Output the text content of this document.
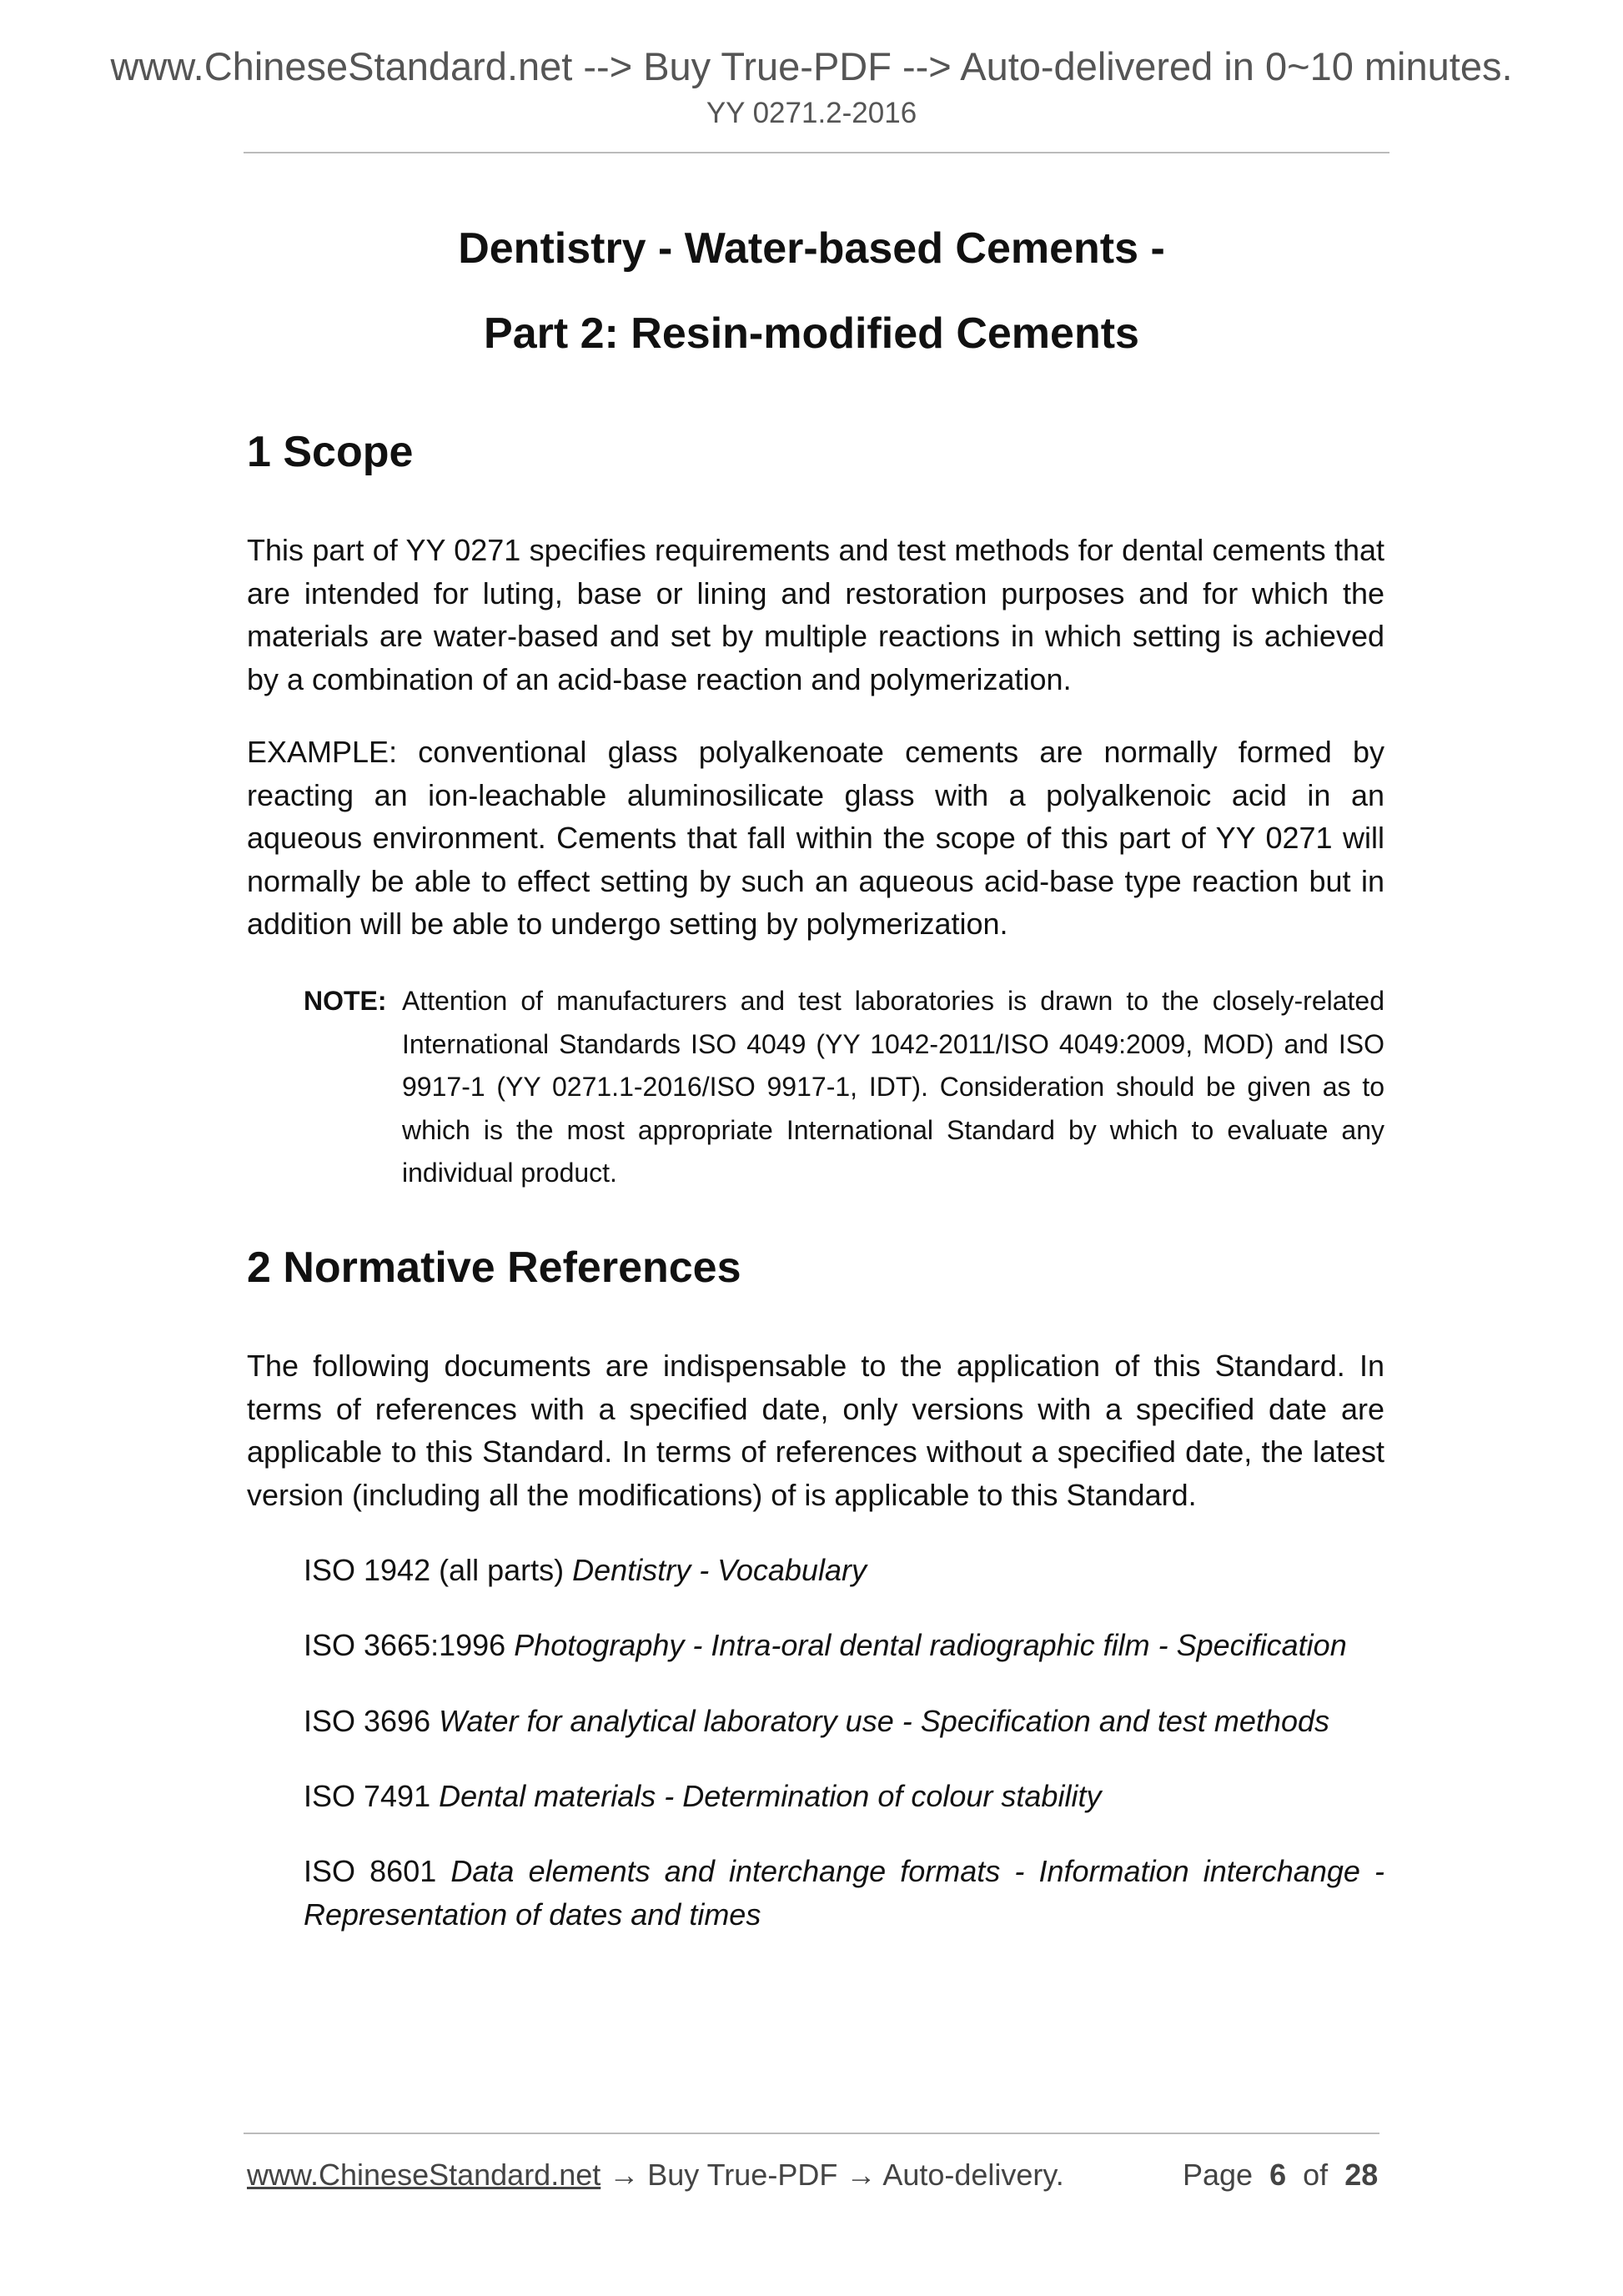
www.ChineseStandard.net --> Buy True-PDF --> Auto-delivered in 0~10 minutes.
YY 0271.2-2016
Dentistry - Water-based Cements -
Part 2: Resin-modified Cements
1 Scope

This part of YY 0271 specifies requirements and test methods for dental cements that are intended for luting, base or lining and restoration purposes and for which the materials are water-based and set by multiple reactions in which setting is achieved by a combination of an acid-base reaction and polymerization.

EXAMPLE: conventional glass polyalkenoate cements are normally formed by reacting an ion-leachable aluminosilicate glass with a polyalkenoic acid in an aqueous environment. Cements that fall within the scope of this part of YY 0271 will normally be able to effect setting by such an aqueous acid-base type reaction but in addition will be able to undergo setting by polymerization.

NOTE: Attention of manufacturers and test laboratories is drawn to the closely-related International Standards ISO 4049 (YY 1042-2011/ISO 4049:2009, MOD) and ISO 9917-1 (YY 0271.1-2016/ISO 9917-1, IDT). Consideration should be given as to which is the most appropriate International Standard by which to evaluate any individual product.
2 Normative References

The following documents are indispensable to the application of this Standard. In terms of references with a specified date, only versions with a specified date are applicable to this Standard. In terms of references without a specified date, the latest version (including all the modifications) of is applicable to this Standard.

ISO 1942 (all parts) Dentistry - Vocabulary

ISO 3665:1996 Photography - Intra-oral dental radiographic film - Specification

ISO 3696 Water for analytical laboratory use - Specification and test methods

ISO 7491 Dental materials - Determination of colour stability

ISO 8601 Data elements and interchange formats - Information interchange - Representation of dates and times

www.ChineseStandard.net → Buy True-PDF → Auto-delivery.	Page 6 of 28
